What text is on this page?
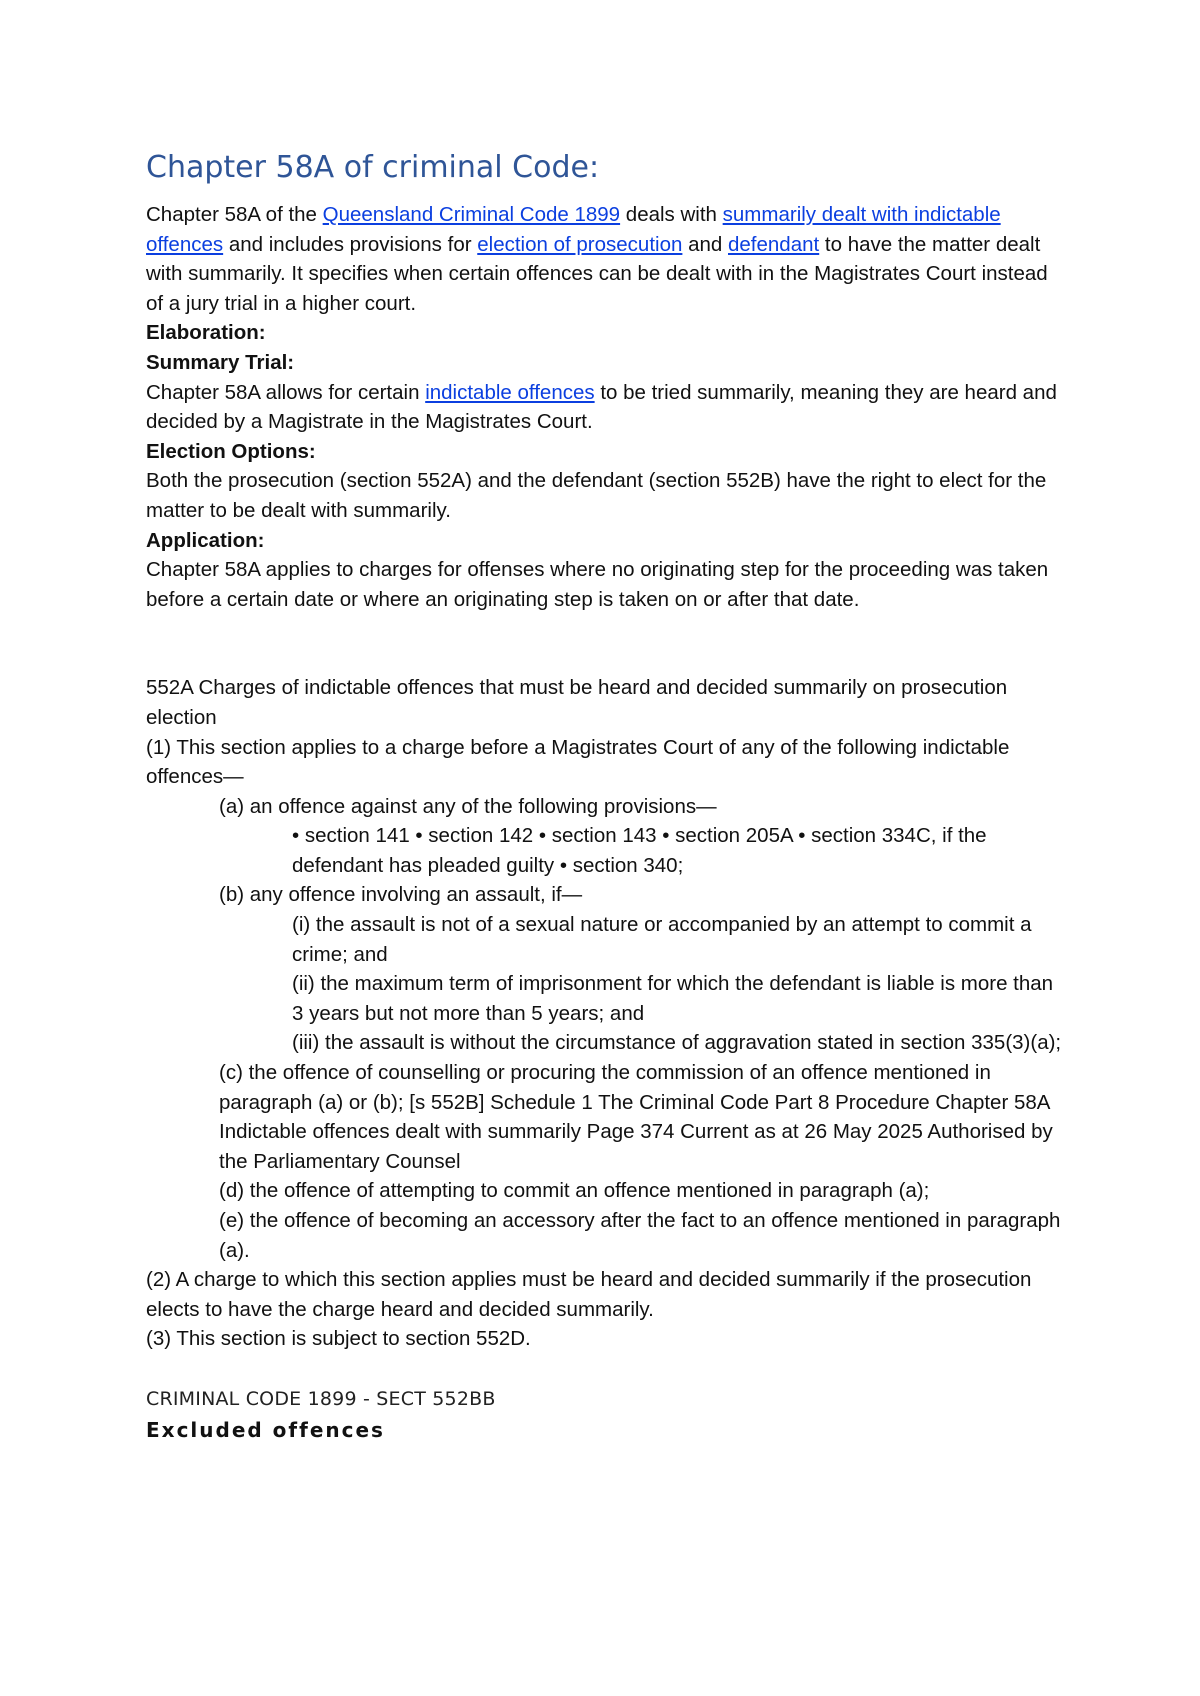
Chapter 58A of criminal Code:

Chapter 58A of the Queensland Criminal Code 1899 deals with summarily dealt with indictable offences and includes provisions for election of prosecution and defendant to have the matter dealt with summarily. It specifies when certain offences can be dealt with in the Magistrates Court instead of a jury trial in a higher court.

Elaboration:

Summary Trial:

Chapter 58A allows for certain indictable offences to be tried summarily, meaning they are heard and decided by a Magistrate in the Magistrates Court.

Election Options:

Both the prosecution (section 552A) and the defendant (section 552B) have the right to elect for the matter to be dealt with summarily.

Application:

Chapter 58A applies to charges for offenses where no originating step for the proceeding was taken before a certain date or where an originating step is taken on or after that date.

552A Charges of indictable offences that must be heard and decided summarily on prosecution election

(1) This section applies to a charge before a Magistrates Court of any of the following indictable offences—

(a) an offence against any of the following provisions—

• section 141 • section 142 • section 143 • section 205A • section 334C, if the defendant has pleaded guilty • section 340;

(b) any offence involving an assault, if—

(i) the assault is not of a sexual nature or accompanied by an attempt to commit a crime; and

(ii) the maximum term of imprisonment for which the defendant is liable is more than 3 years but not more than 5 years; and

(iii) the assault is without the circumstance of aggravation stated in section 335(3)(a);

(c) the offence of counselling or procuring the commission of an offence mentioned in paragraph (a) or (b); [s 552B] Schedule 1 The Criminal Code Part 8 Procedure Chapter 58A Indictable offences dealt with summarily Page 374 Current as at 26 May 2025 Authorised by the Parliamentary Counsel

(d) the offence of attempting to commit an offence mentioned in paragraph (a);

(e) the offence of becoming an accessory after the fact to an offence mentioned in paragraph (a).

(2) A charge to which this section applies must be heard and decided summarily if the prosecution elects to have the charge heard and decided summarily.

(3) This section is subject to section 552D.

CRIMINAL CODE 1899 - SECT 552BB
Excluded offences
